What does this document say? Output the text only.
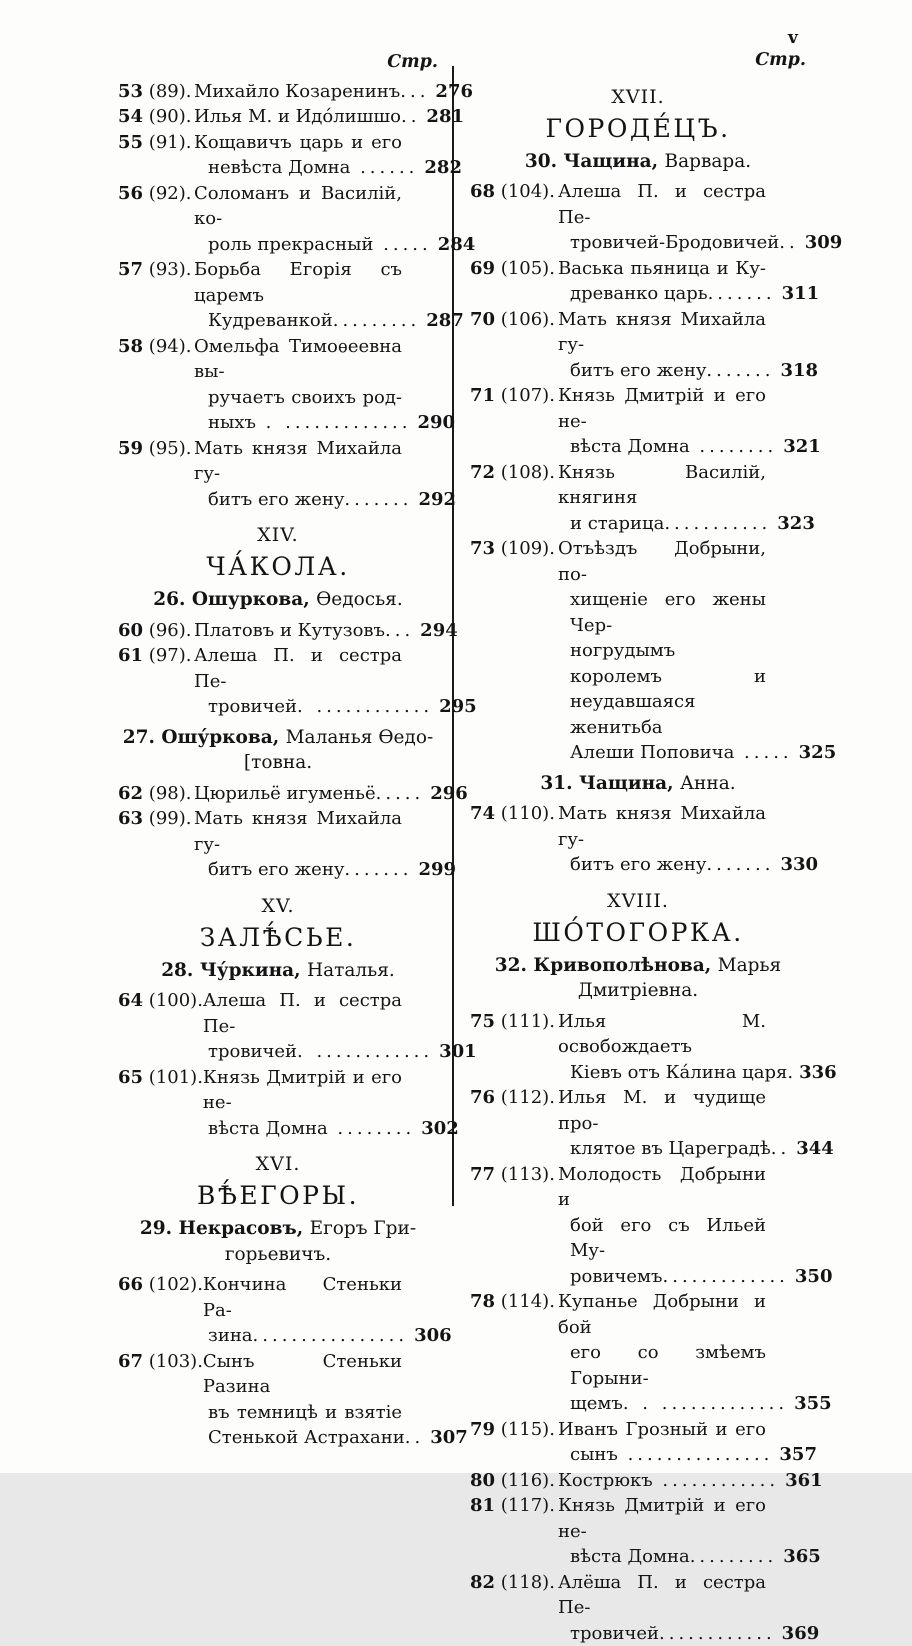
v
Стр.
53 (89). Михайло Козаренинъ... 276
54 (90). Илья М. и Идо́лишшо.. 281
55 (91). Кощавичъ царь и его
невѣста Домна ...... 282
56 (92). Соломанъ и Василій, ко-
роль прекрасный ..... 284
57 (93). Борьба Егорія съ царемъ
Кудреванкой......... 287
58 (94). Омельфа Тимоѳеевна вы-
ручаетъ своихъ род-
ныхъ . ............. 290
59 (95). Мать князя Михайла гу-
битъ его жену....... 292
XIV.
ЧА́КОЛА.
26. Ошуркова, Ѳедосья.
60 (96). Платовъ и Кутузовъ... 294
61 (97). Алеша П. и сестра Пе-
тровичей. ............ 295
27. Ошу́ркова, Маланья Ѳедо-
[товна.
62 (98). Цюрильё игуменьё..... 296
63 (99). Мать князя Михайла гу-
битъ его жену....... 299
XV.
ЗАЛѢ́СЬЕ.
28. Чу́ркина, Наталья.
64 (100). Алеша П. и сестра Пе-
тровичей. ............ 301
65 (101). Князь Дмитрій и его не-
вѣста Домна ........ 302
XVI.
ВѢ́ЕГОРЫ.
29. Некрасовъ, Егоръ Гри-
горьевичъ.
66 (102). Кончина Стеньки Ра-
зина................ 306
67 (103). Сынъ Стеньки Разина
въ темницѣ и взятіе
Стенькой Астрахани.. 307
Стр.
XVII.
ГОРОДЕ́ЦЪ.
30. Чащина, Варвара.
68 (104). Алеша П. и сестра Пе-
тровичей-Бродовичей.. 309
69 (105). Васька пьяница и Ку-
древанко царь....... 311
70 (106). Мать князя Михайла гу-
битъ его жену....... 318
71 (107). Князь Дмитрій и его не-
вѣста Домна ........ 321
72 (108). Князь Василій, княгиня
и старица........... 323
73 (109). Отъѣздъ Добрыни, по-
хищеніе его жены Чер-
ногрудымъ королемъ и
неудавшаяся женитьба
Алеши Поповича ..... 325
31. Чащина, Анна.
74 (110). Мать князя Михайла гу-
битъ его жену....... 330
XVIII.
ШО́ТОГОРКА.
32. Кривополѣнова, Марья
Дмитріевна.
75 (111). Илья М. освобождаетъ
Кіевъ отъ Ка́лина царя. 336
76 (112). Илья М. и чудище про-
клятое въ Цареградѣ.. 344
77 (113). Молодость Добрыни и
бой его съ Ильей Му-
ровичемъ............. 350
78 (114). Купанье Добрыни и бой
его со змѣемъ Горыни-
щемъ. . ............. 355
79 (115). Иванъ Грозный и его
сынъ ............... 357
80 (116). Кострюкъ ............ 361
81 (117). Князь Дмитрій и его не-
вѣста Домна......... 365
82 (118). Алёша П. и сестра Пе-
тровичей............ 369
